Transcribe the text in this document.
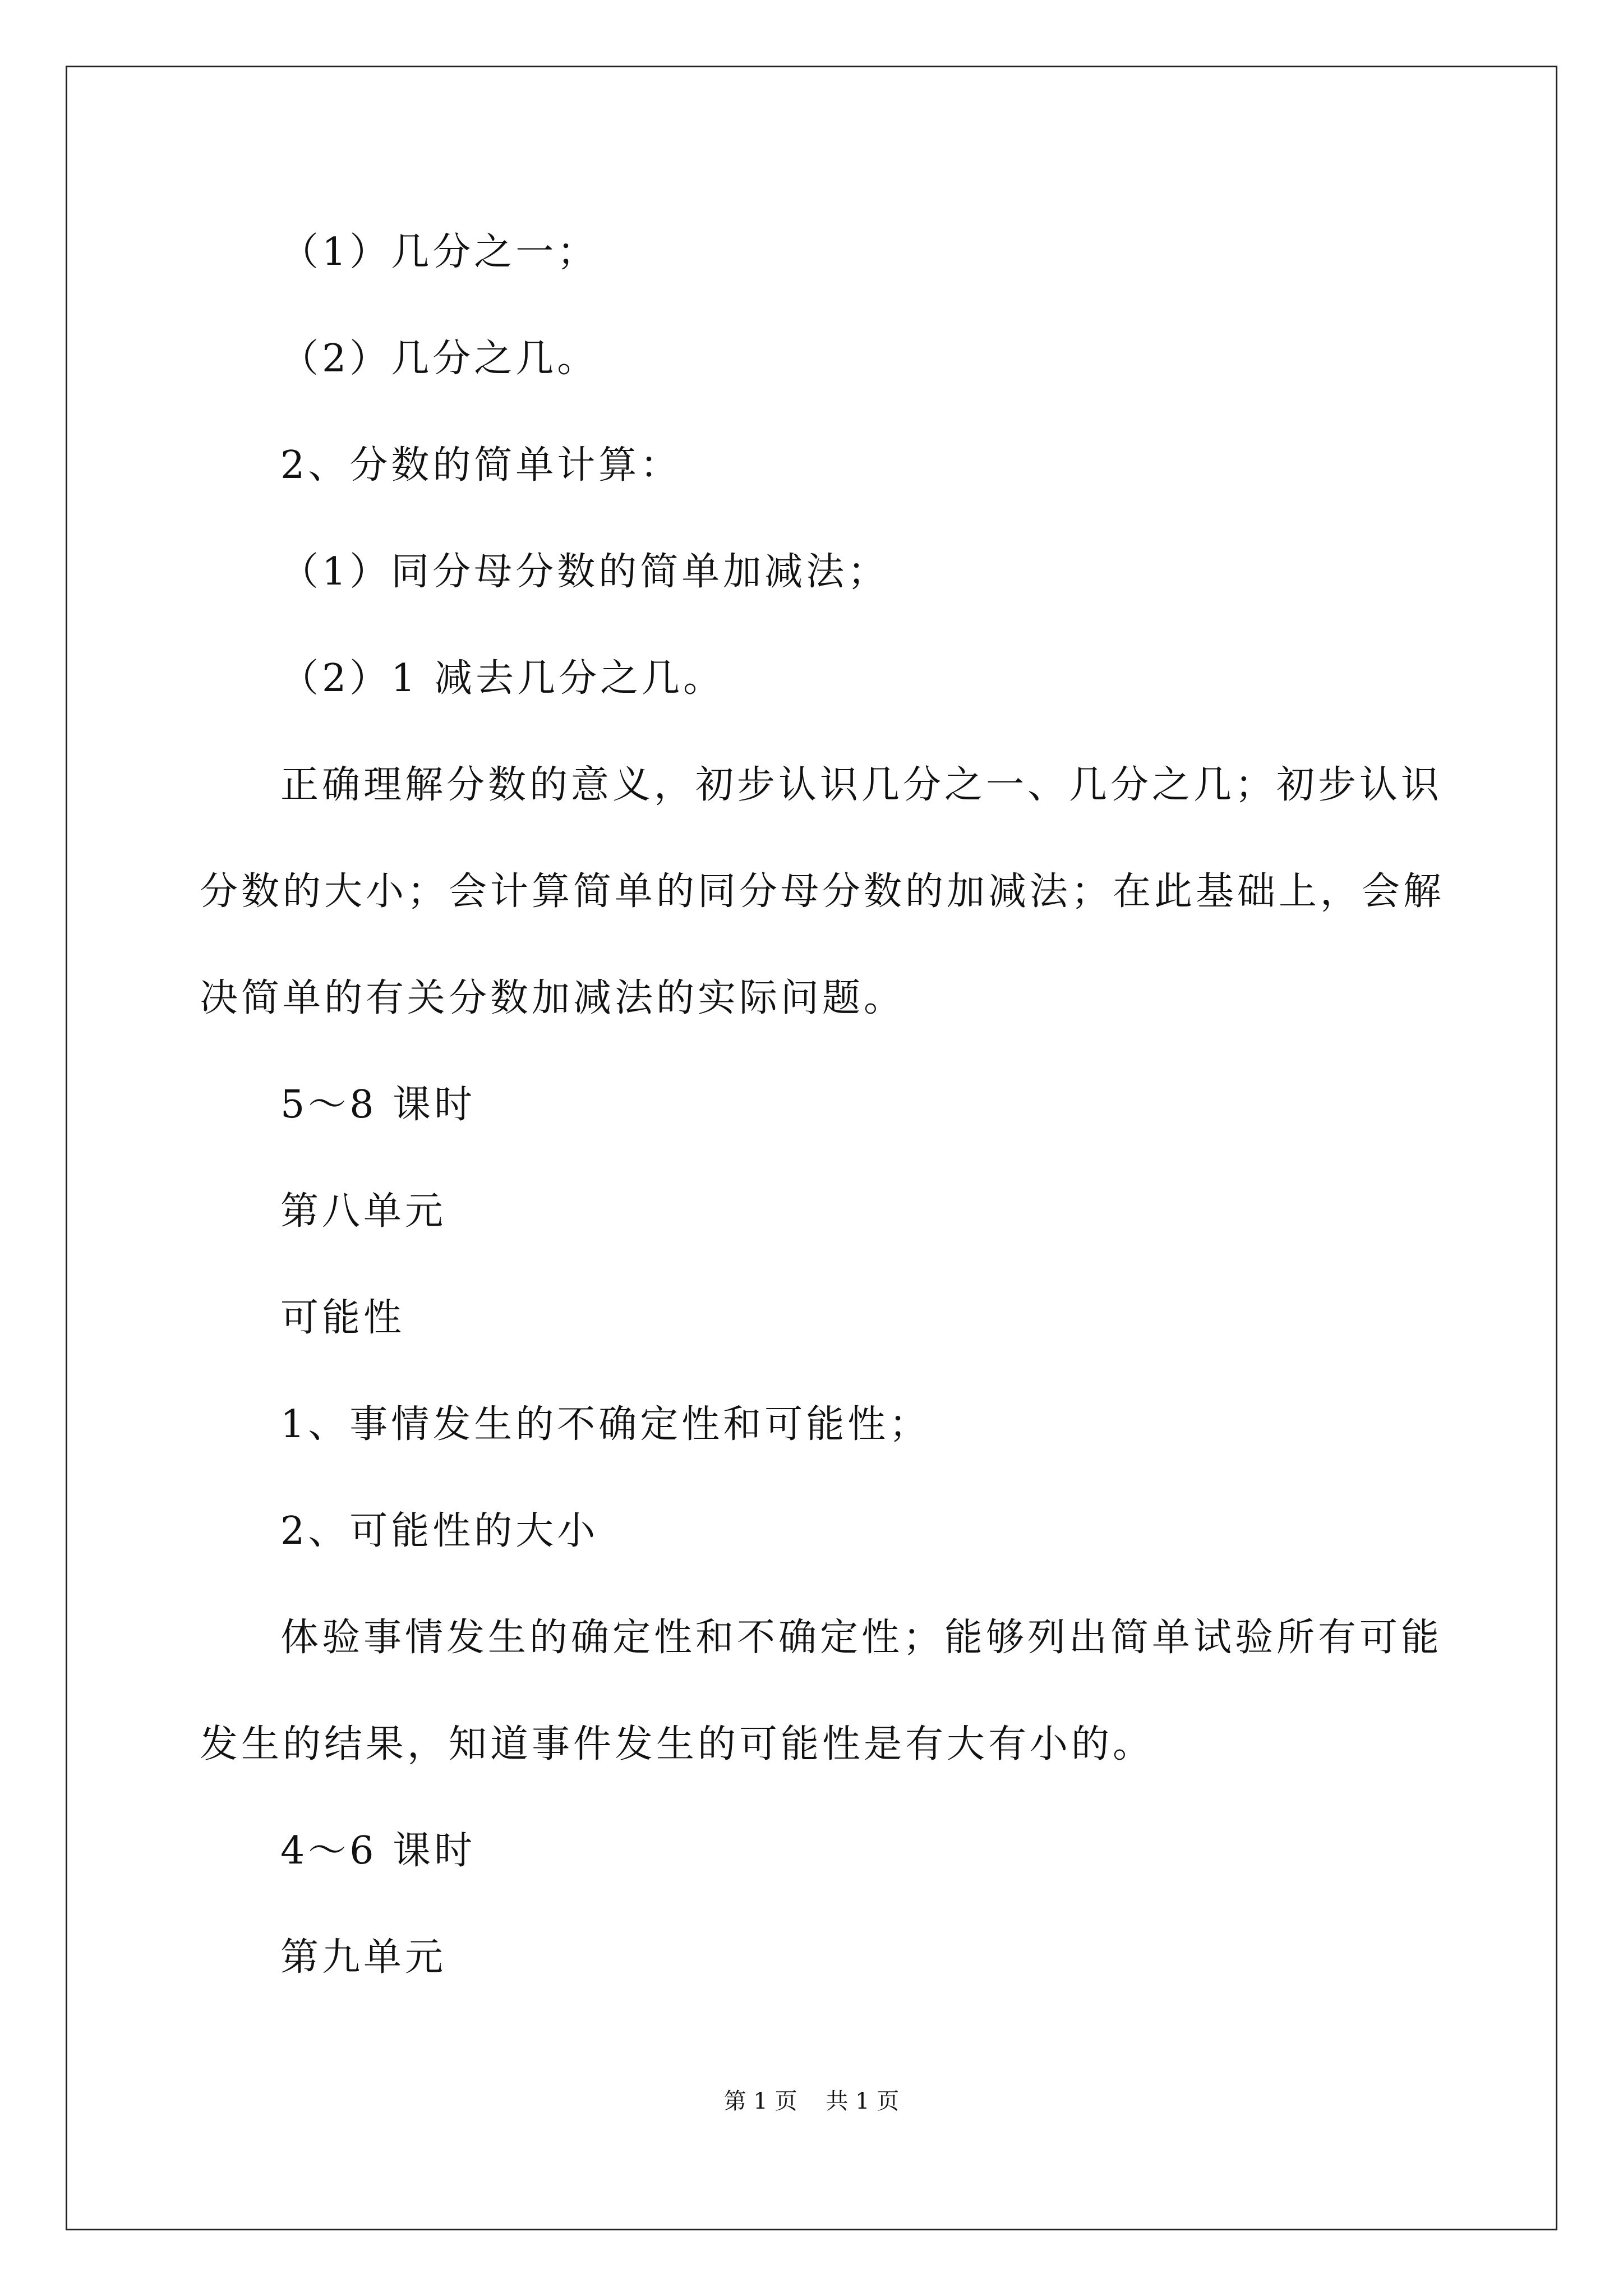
（1）几分之一；
（2）几分之几。
2、分数的简单计算：
（1）同分母分数的简单加减法；
（2）1 减去几分之几。
正确理解分数的意义，初步认识几分之一、几分之几；初步认识
分数的大小；会计算简单的同分母分数的加减法；在此基础上，会解
决简单的有关分数加减法的实际问题。
5～8 课时
第八单元
可能性
1、事情发生的不确定性和可能性；
2、可能性的大小
体验事情发生的确定性和不确定性；能够列出简单试验所有可能
发生的结果，知道事件发生的可能性是有大有小的。
4～6 课时
第九单元
第 1 页    共 1 页
